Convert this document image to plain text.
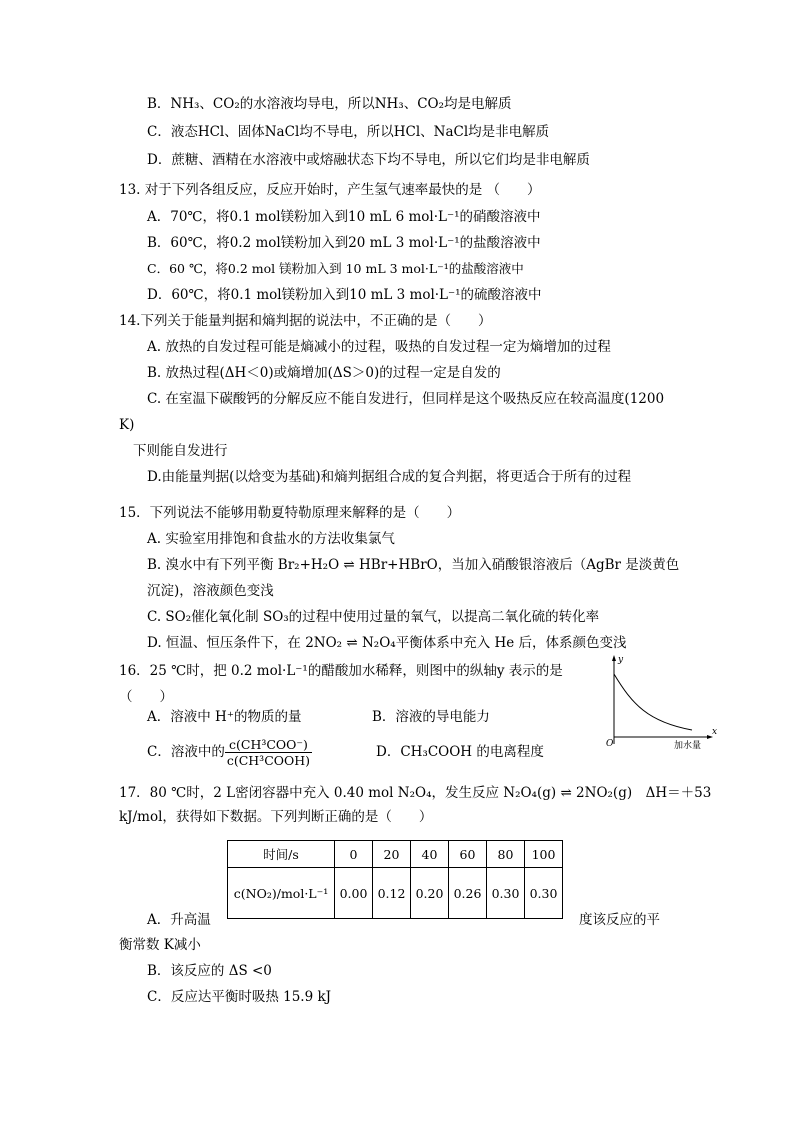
B．NH₃、CO₂的水溶液均导电，所以NH₃、CO₂均是电解质
C．液态HCl、固体NaCl均不导电，所以HCl、NaCl均是非电解质
D．蔗糖、酒精在水溶液中或熔融状态下均不导电，所以它们均是非电解质
13. 对于下列各组反应，反应开始时，产生氢气速率最快的是 （　　）
A．70℃，将0.1 mol镁粉加入到10 mL 6 mol·L⁻¹的硝酸溶液中
B．60℃，将0.2 mol镁粉加入到20 mL 3 mol·L⁻¹的盐酸溶液中
C．60 ℃，将0.2 mol 镁粉加入到 10 mL 3 mol·L⁻¹的盐酸溶液中
D．60℃，将0.1 mol镁粉加入到10 mL 3 mol·L⁻¹的硫酸溶液中
14.下列关于能量判据和熵判据的说法中，不正确的是（　　）
A. 放热的自发过程可能是熵减小的过程，吸热的自发过程一定为熵增加的过程
B. 放热过程(ΔH＜0)或熵增加(ΔS＞0)的过程一定是自发的
C. 在室温下碳酸钙的分解反应不能自发进行，但同样是这个吸热反应在较高温度(1200
K)
下则能自发进行
D.由能量判据(以焓变为基础)和熵判据组合成的复合判据，将更适合于所有的过程
15．下列说法不能够用勒夏特勒原理来解释的是（　　）
A. 实验室用排饱和食盐水的方法收集氯气
B. 溴水中有下列平衡 Br₂+H₂O ⇌ HBr+HBrO，当加入硝酸银溶液后（AgBr 是淡黄色
沉淀)，溶液颜色变浅
C. SO₂催化氧化制 SO₃的过程中使用过量的氧气，以提高二氧化硫的转化率
D. 恒温、恒压条件下，在 2NO₂ ⇌ N₂O₄平衡体系中充入 He 后，体系颜色变浅
16．25 ℃时，把 0.2 mol·L⁻¹的醋酸加水稀释，则图中的纵轴y 表示的是
（　　）
A．溶液中 H⁺的物质的量	B．溶液的导电能力
C．溶液中的 $\frac{\text{c(CH³COO⁻)}}{\text{c(CH³COOH)}}$	D．CH₃COOH 的电离程度
y
x
O	加水量
17．80 ℃时，2 L密闭容器中充入 0.40 mol N₂O₄，发生反应 N₂O₄(g) ⇌ 2NO₂(g)　ΔH＝＋53
kJ/mol，获得如下数据。下列判断正确的是（　　）
时间/s	0	20	40	60	80	100
c(NO₂)/mol·L⁻¹	0.00	0.12	0.20	0.26	0.30	0.30
A．升高温	度该反应的平
衡常数 K减小
B．该反应的 ΔS <0
C．反应达平衡时吸热 15.9 kJ
